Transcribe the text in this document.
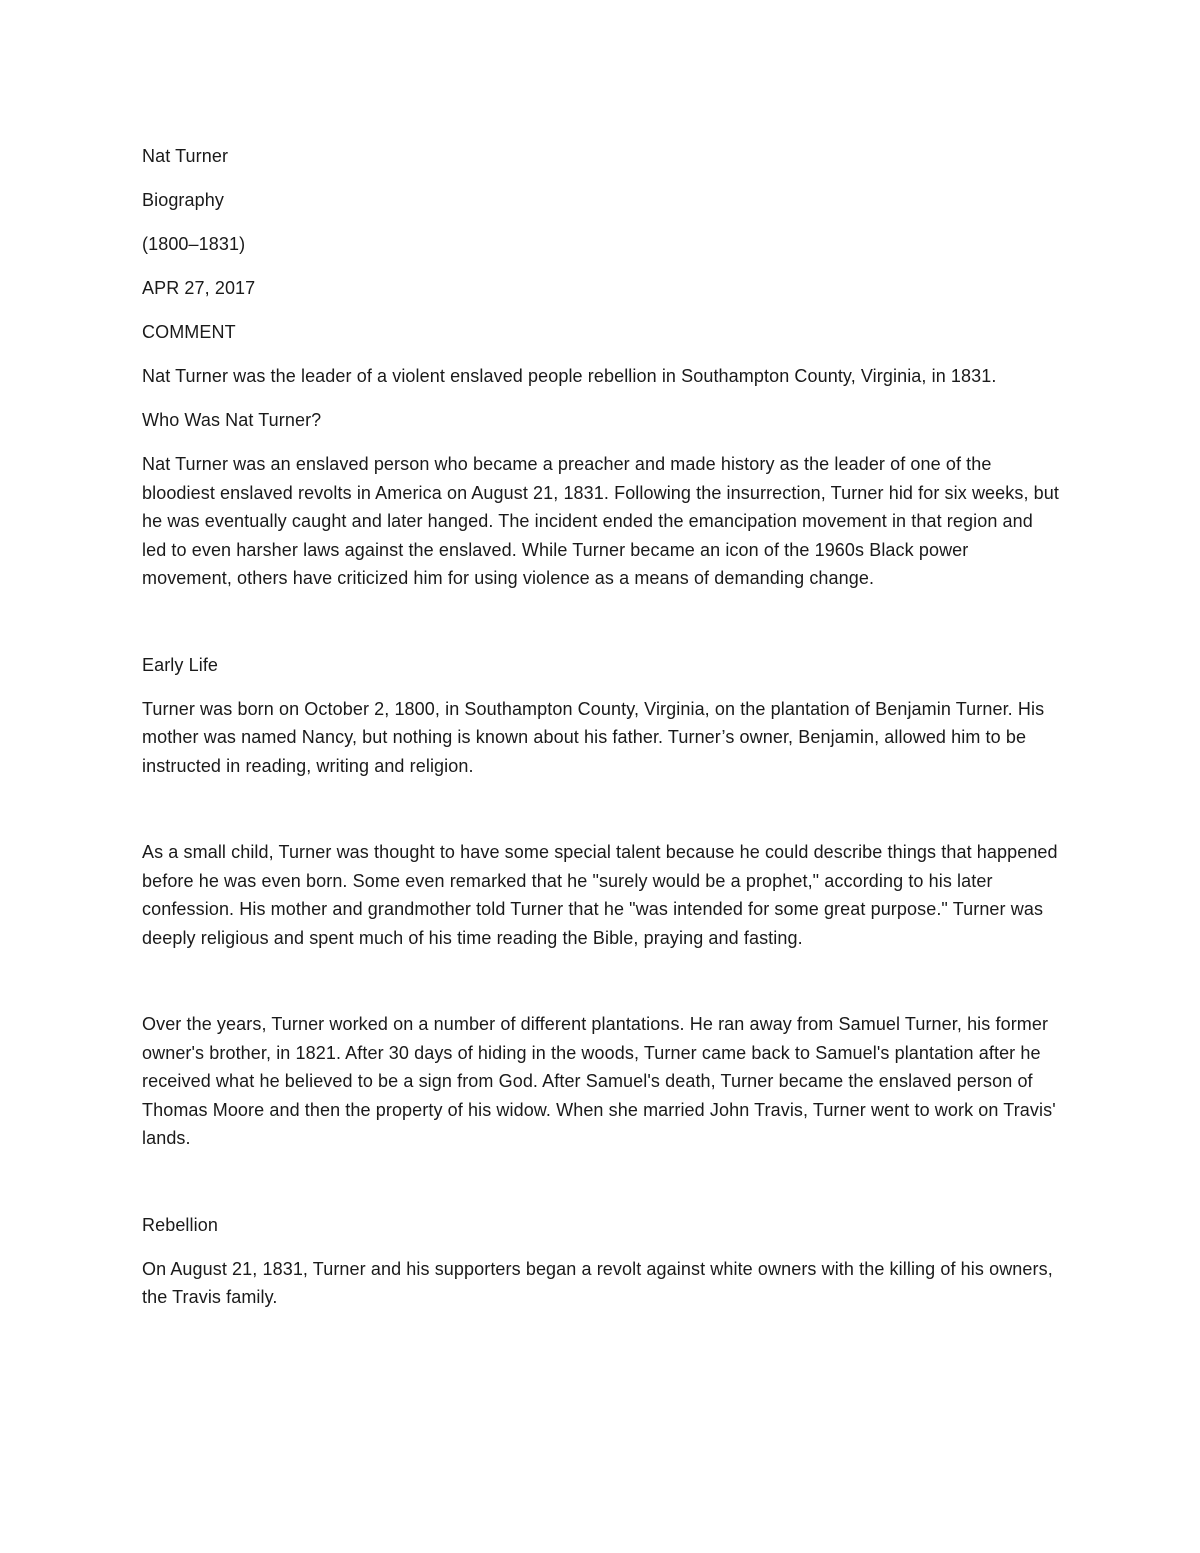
Nat Turner

Biography

(1800–1831)

APR 27, 2017

COMMENT

Nat Turner was the leader of a violent enslaved people rebellion in Southampton County, Virginia, in 1831.

Who Was Nat Turner?

Nat Turner was an enslaved person who became a preacher and made history as the leader of one of the bloodiest enslaved revolts in America on August 21, 1831. Following the insurrection, Turner hid for six weeks, but he was eventually caught and later hanged. The incident ended the emancipation movement in that region and led to even harsher laws against the enslaved. While Turner became an icon of the 1960s Black power movement, others have criticized him for using violence as a means of demanding change.

Early Life

Turner was born on October 2, 1800, in Southampton County, Virginia, on the plantation of Benjamin Turner. His mother was named Nancy, but nothing is known about his father. Turner’s owner, Benjamin, allowed him to be instructed in reading, writing and religion.

As a small child, Turner was thought to have some special talent because he could describe things that happened before he was even born. Some even remarked that he "surely would be a prophet," according to his later confession. His mother and grandmother told Turner that he "was intended for some great purpose." Turner was deeply religious and spent much of his time reading the Bible, praying and fasting.

Over the years, Turner worked on a number of different plantations. He ran away from Samuel Turner, his former owner's brother, in 1821. After 30 days of hiding in the woods, Turner came back to Samuel's plantation after he received what he believed to be a sign from God. After Samuel's death, Turner became the enslaved person of Thomas Moore and then the property of his widow. When she married John Travis, Turner went to work on Travis' lands.

Rebellion

On August 21, 1831, Turner and his supporters began a revolt against white owners with the killing of his owners, the Travis family.
